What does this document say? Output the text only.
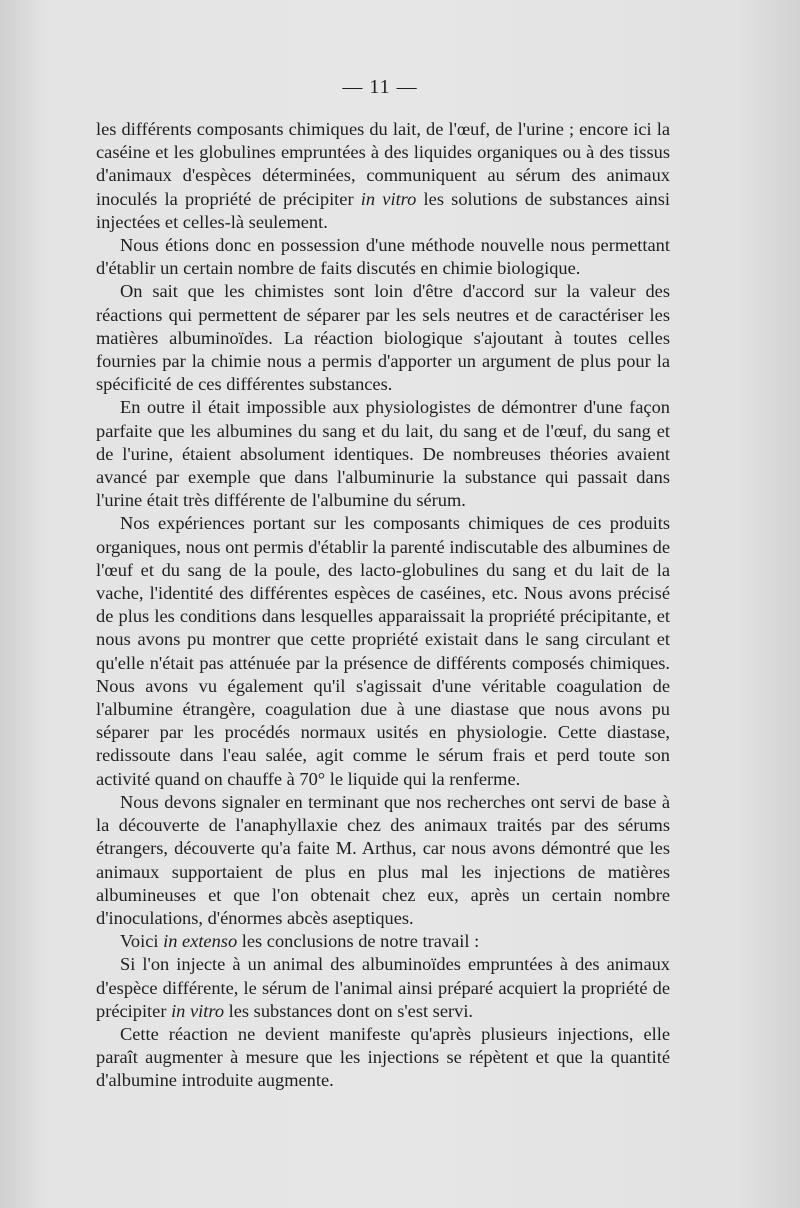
— 11 —

les différents composants chimiques du lait, de l'œuf, de l'urine ; encore ici la caséine et les globulines empruntées à des liquides organiques ou à des tissus d'animaux d'espèces déterminées, communiquent au sérum des animaux inoculés la propriété de précipiter in vitro les solutions de substances ainsi injectées et celles-là seulement.

Nous étions donc en possession d'une méthode nouvelle nous permettant d'établir un certain nombre de faits discutés en chimie biologique.

On sait que les chimistes sont loin d'être d'accord sur la valeur des réactions qui permettent de séparer par les sels neutres et de caractériser les matières albuminoïdes. La réaction biologique s'ajoutant à toutes celles fournies par la chimie nous a permis d'apporter un argument de plus pour la spécificité de ces différentes substances.

En outre il était impossible aux physiologistes de démontrer d'une façon parfaite que les albumines du sang et du lait, du sang et de l'œuf, du sang et de l'urine, étaient absolument identiques. De nombreuses théories avaient avancé par exemple que dans l'albuminurie la substance qui passait dans l'urine était très différente de l'albumine du sérum.

Nos expériences portant sur les composants chimiques de ces produits organiques, nous ont permis d'établir la parenté indiscutable des albumines de l'œuf et du sang de la poule, des lacto-globulines du sang et du lait de la vache, l'identité des différentes espèces de caséines, etc. Nous avons précisé de plus les conditions dans lesquelles apparaissait la propriété précipitante, et nous avons pu montrer que cette propriété existait dans le sang circulant et qu'elle n'était pas atténuée par la présence de différents composés chimiques. Nous avons vu également qu'il s'agissait d'une véritable coagulation de l'albumine étrangère, coagulation due à une diastase que nous avons pu séparer par les procédés normaux usités en physiologie. Cette diastase, redissoute dans l'eau salée, agit comme le sérum frais et perd toute son activité quand on chauffe à 70° le liquide qui la renferme.

Nous devons signaler en terminant que nos recherches ont servi de base à la découverte de l'anaphyllaxie chez des animaux traités par des sérums étrangers, découverte qu'a faite M. Arthus, car nous avons démontré que les animaux supportaient de plus en plus mal les injections de matières albumineuses et que l'on obtenait chez eux, après un certain nombre d'inoculations, d'énormes abcès aseptiques.

Voici in extenso les conclusions de notre travail :

Si l'on injecte à un animal des albuminoïdes empruntées à des animaux d'espèce différente, le sérum de l'animal ainsi préparé acquiert la propriété de précipiter in vitro les substances dont on s'est servi.

Cette réaction ne devient manifeste qu'après plusieurs injections, elle paraît augmenter à mesure que les injections se répètent et que la quantité d'albumine introduite augmente.
